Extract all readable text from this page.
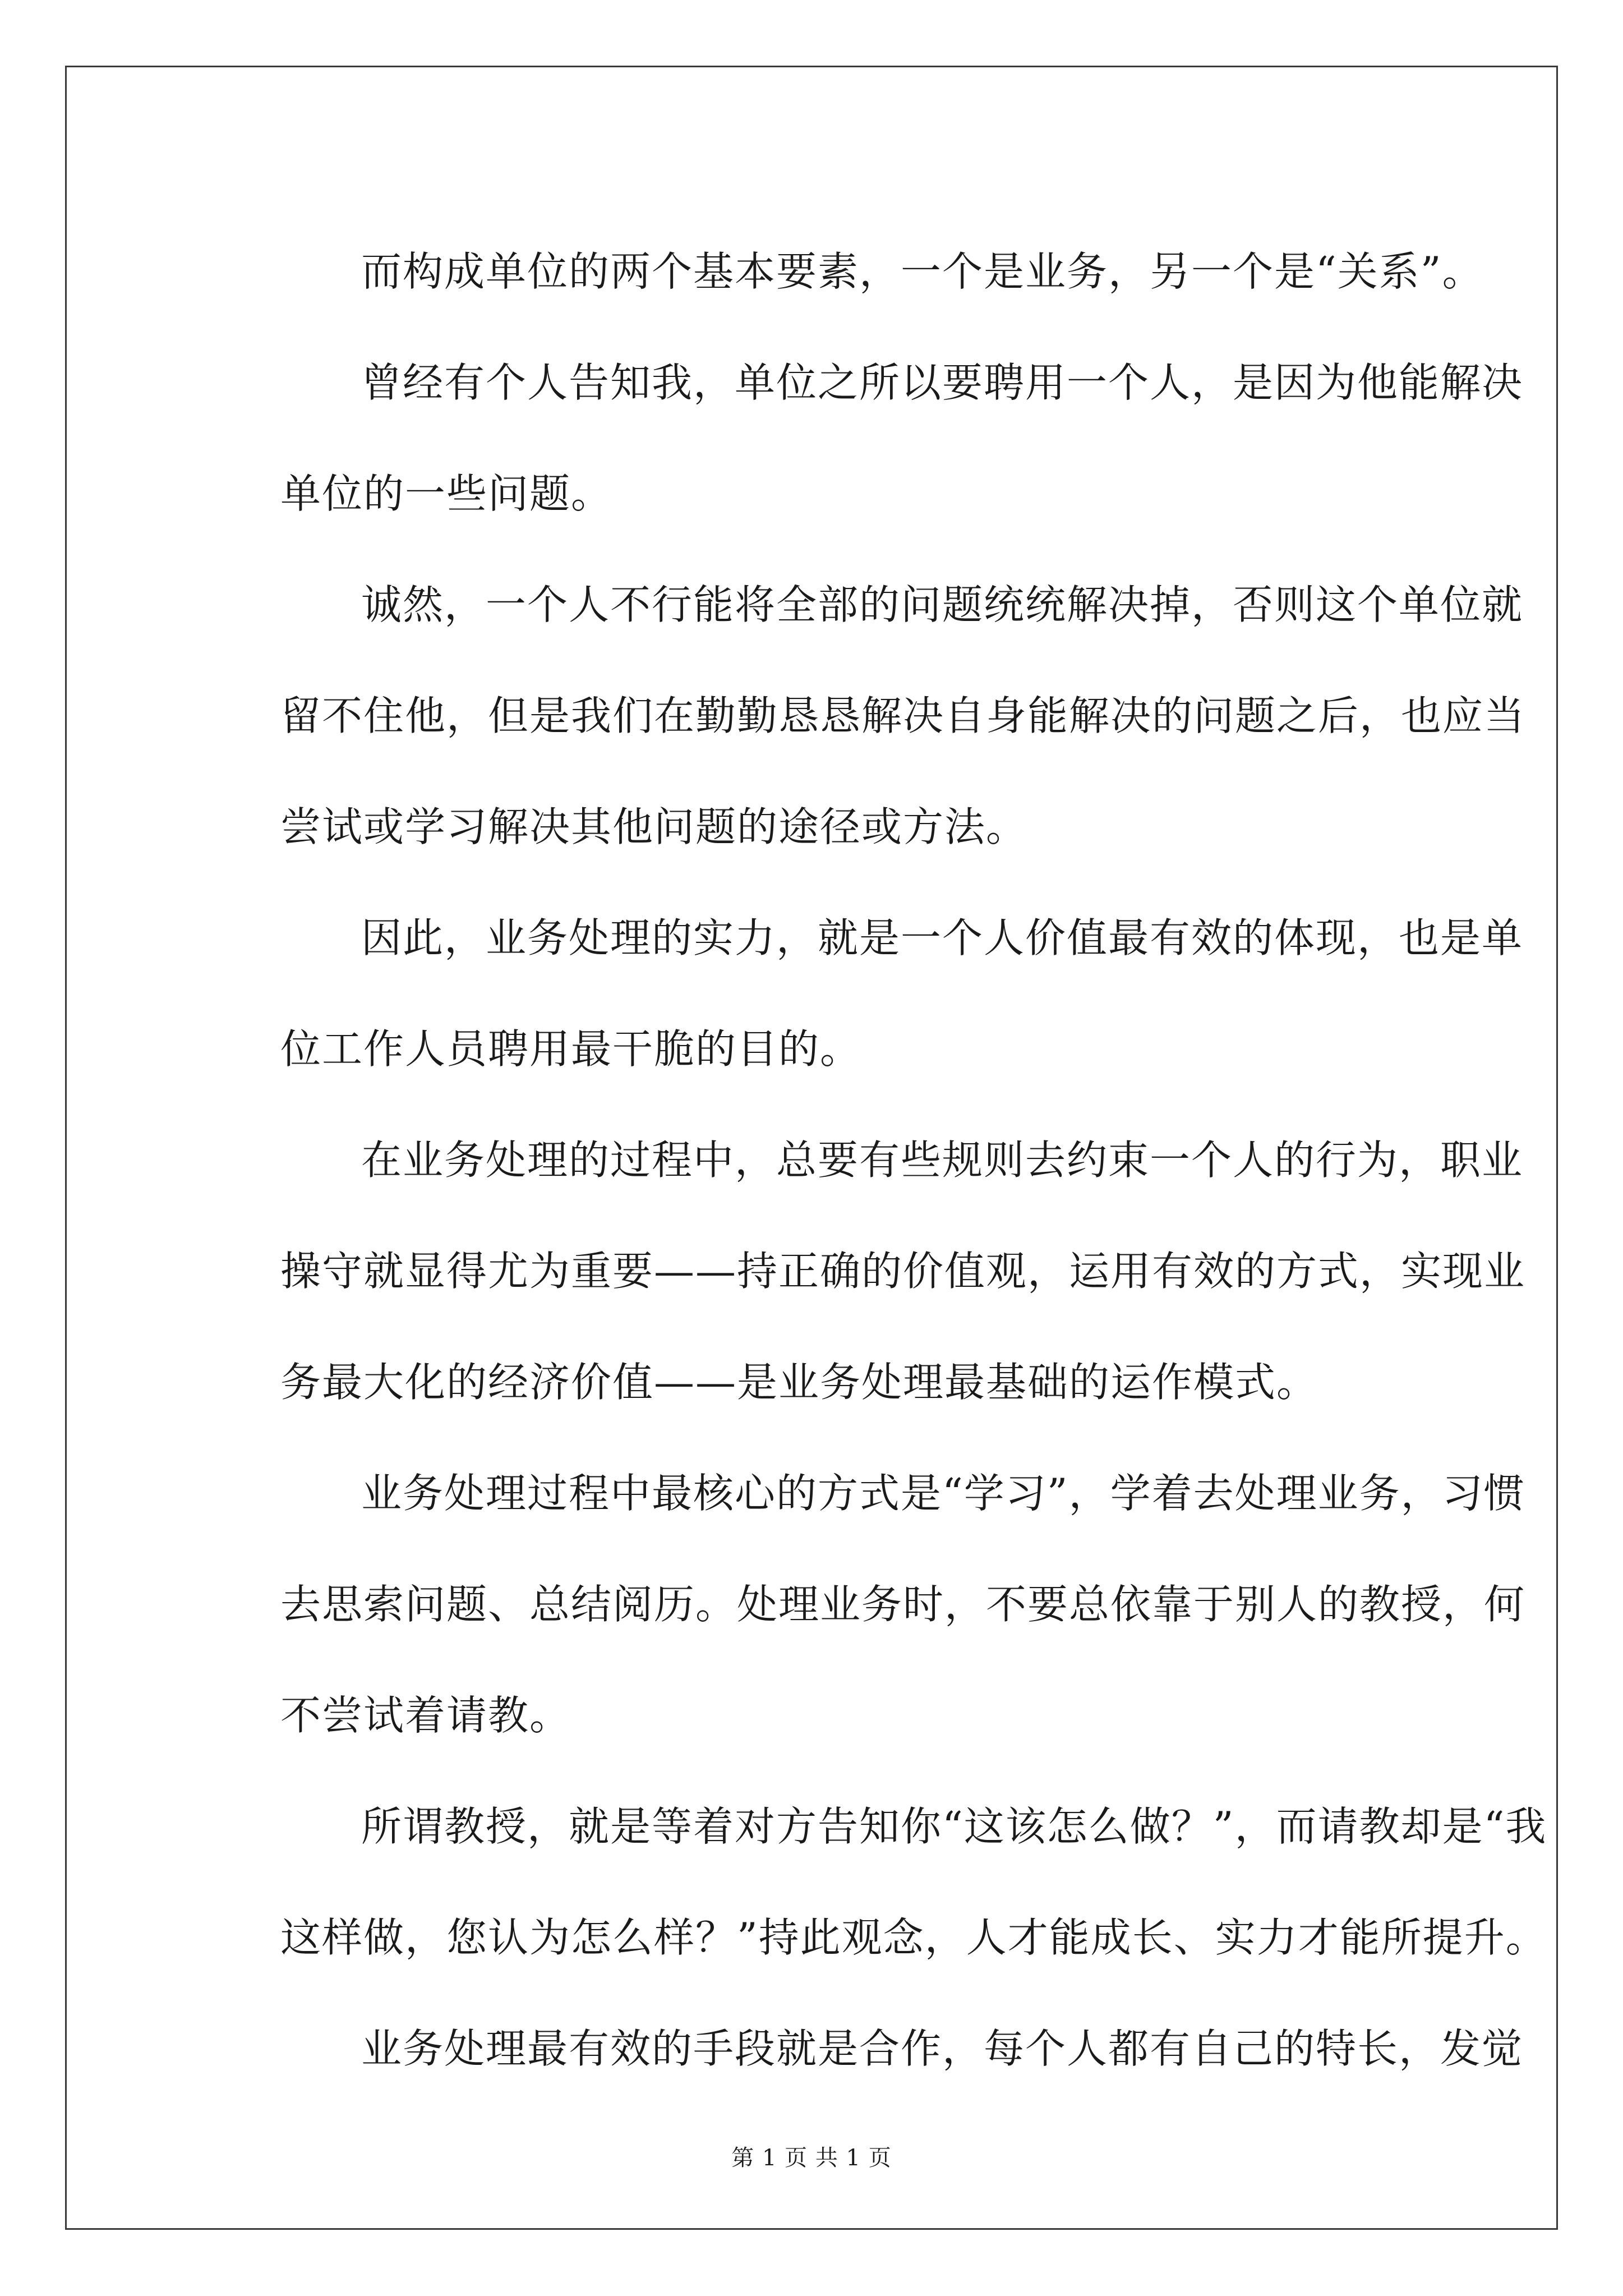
而构成单位的两个基本要素，一个是业务，另一个是“关系”。

曾经有个人告知我，单位之所以要聘用一个人，是因为他能解决
单位的一些问题。

诚然，一个人不行能将全部的问题统统解决掉，否则这个单位就
留不住他，但是我们在勤勤恳恳解决自身能解决的问题之后，也应当
尝试或学习解决其他问题的途径或方法。

因此，业务处理的实力，就是一个人价值最有效的体现，也是单
位工作人员聘用最干脆的目的。

在业务处理的过程中，总要有些规则去约束一个人的行为，职业
操守就显得尤为重要——持正确的价值观，运用有效的方式，实现业
务最大化的经济价值——是业务处理最基础的运作模式。

业务处理过程中最核心的方式是“学习”，学着去处理业务，习惯
去思索问题、总结阅历。处理业务时，不要总依靠于别人的教授，何
不尝试着请教。

所谓教授，就是等着对方告知你“这该怎么做？”，而请教却是“我
这样做，您认为怎么样？”持此观念，人才能成长、实力才能所提升。

业务处理最有效的手段就是合作，每个人都有自己的特长，发觉

第 1 页 共 1 页
